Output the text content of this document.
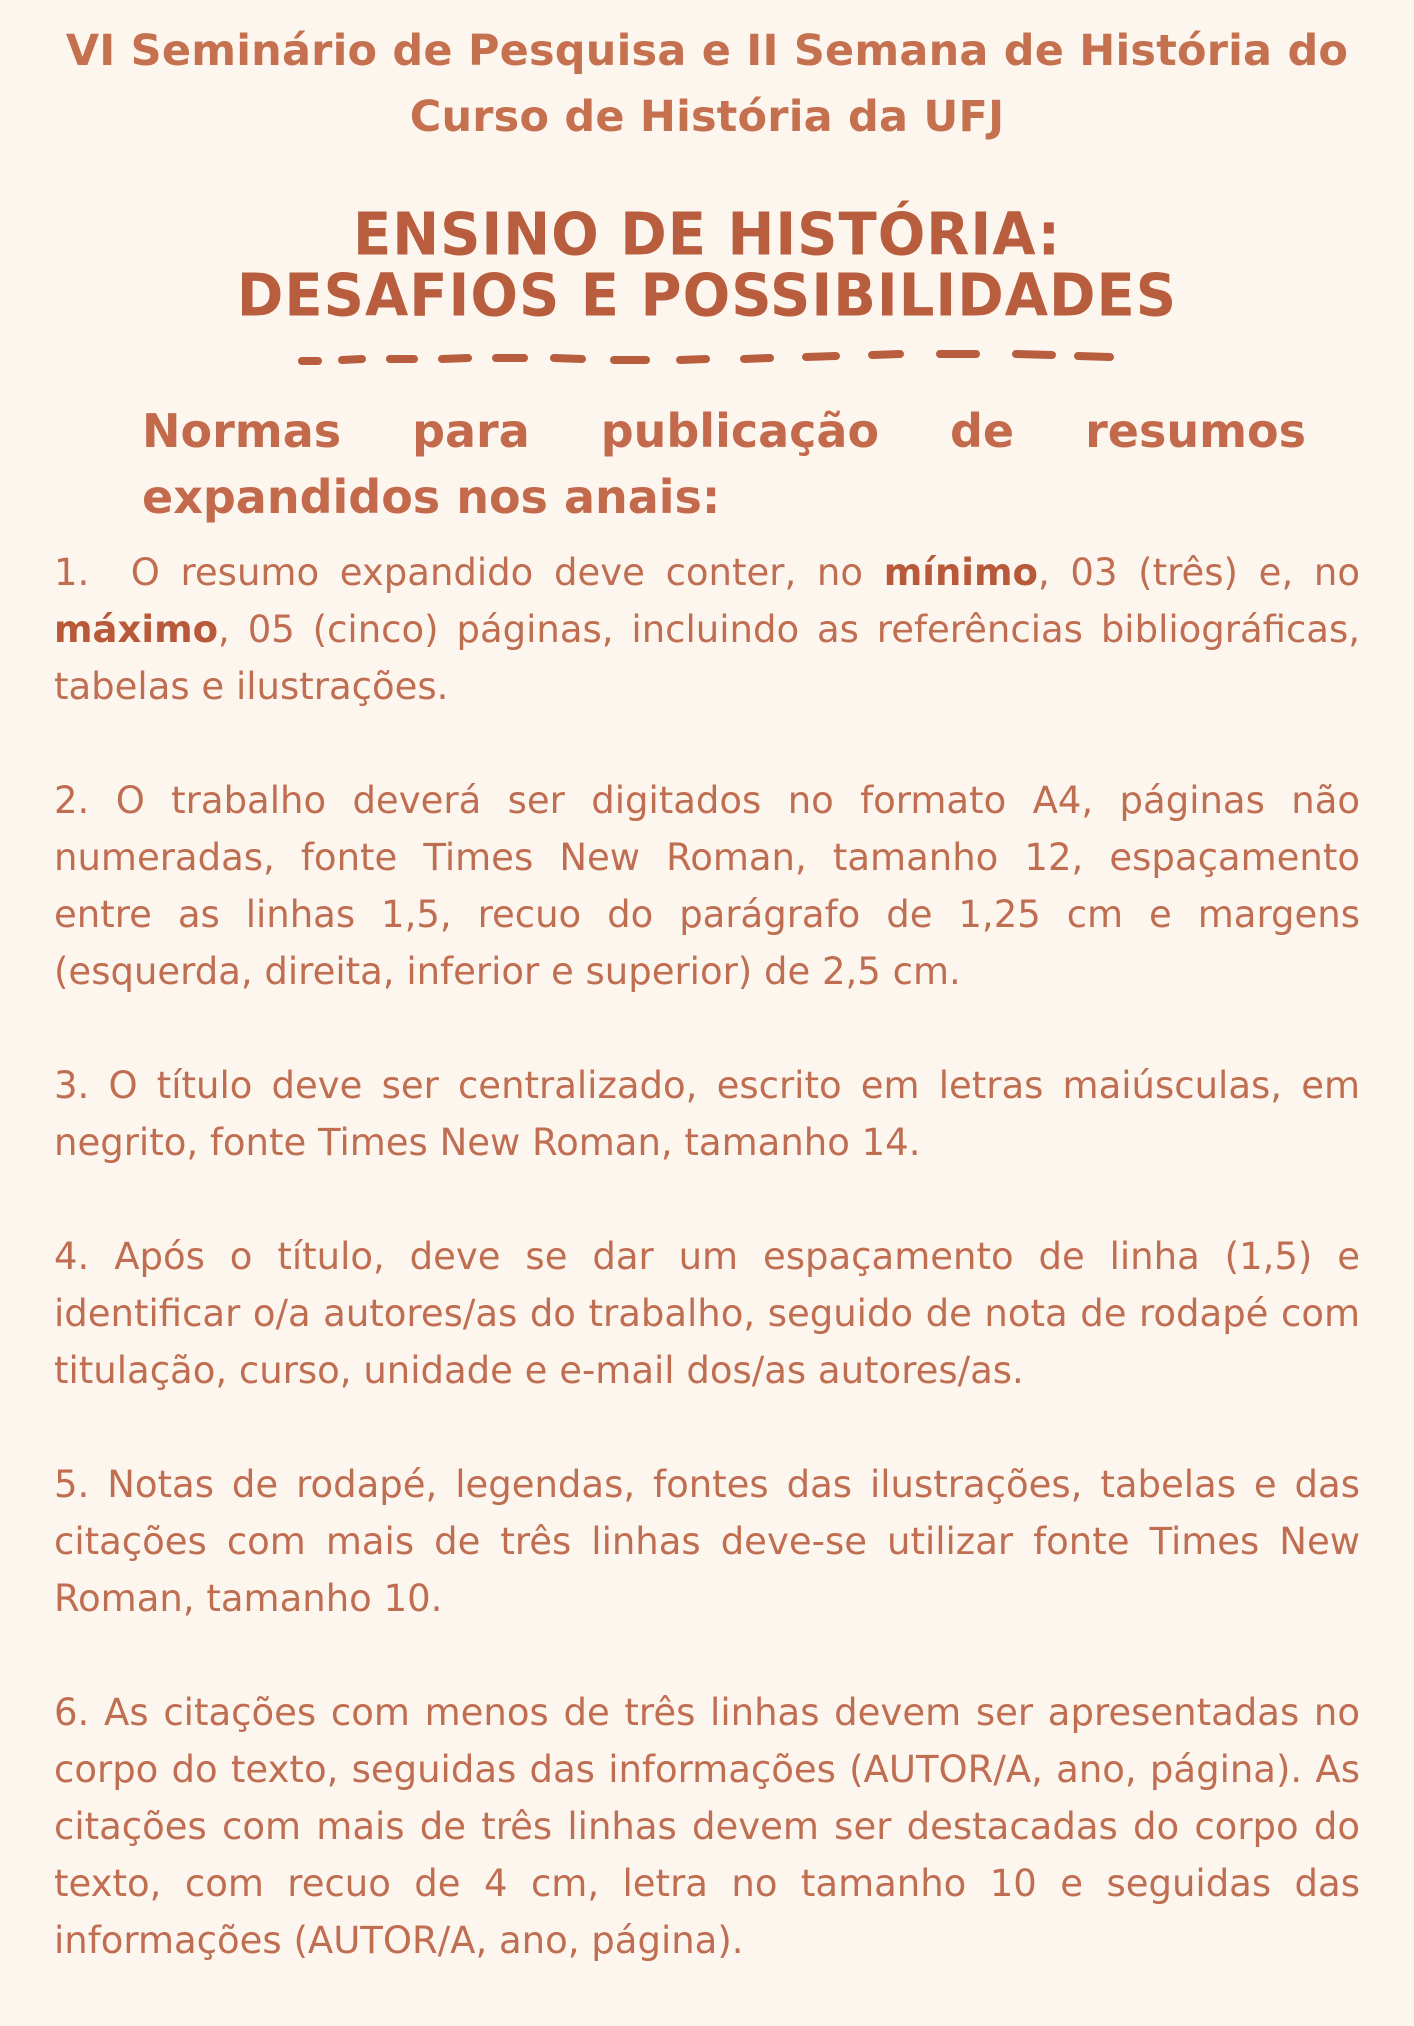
VI Seminário de Pesquisa e II Semana de História do
Curso de História da UFJ
ENSINO DE HISTÓRIA:
DESAFIOS E POSSIBILIDADES
Normas para publicação de resumos
expandidos nos anais:

1. O resumo expandido deve conter, no mínimo, 03 (três) e, no máximo, 05 (cinco) páginas, incluindo as referências bibliográficas, tabelas e ilustrações.

2. O trabalho deverá ser digitados no formato A4, páginas não numeradas, fonte Times New Roman, tamanho 12, espaçamento entre as linhas 1,5, recuo do parágrafo de 1,25 cm e margens (esquerda, direita, inferior e superior) de 2,5 cm.

3. O título deve ser centralizado, escrito em letras maiúsculas, em negrito, fonte Times New Roman, tamanho 14.

4. Após o título, deve se dar um espaçamento de linha (1,5) e identificar o/a autores/as do trabalho, seguido de nota de rodapé com titulação, curso, unidade e e-mail dos/as autores/as.

5. Notas de rodapé, legendas, fontes das ilustrações, tabelas e das citações com mais de três linhas deve-se utilizar fonte Times New Roman, tamanho 10.

6. As citações com menos de três linhas devem ser apresentadas no corpo do texto, seguidas das informações (AUTOR/A, ano, página). As citações com mais de três linhas devem ser destacadas do corpo do texto, com recuo de 4 cm, letra no tamanho 10 e seguidas das informações (AUTOR/A, ano, página).
